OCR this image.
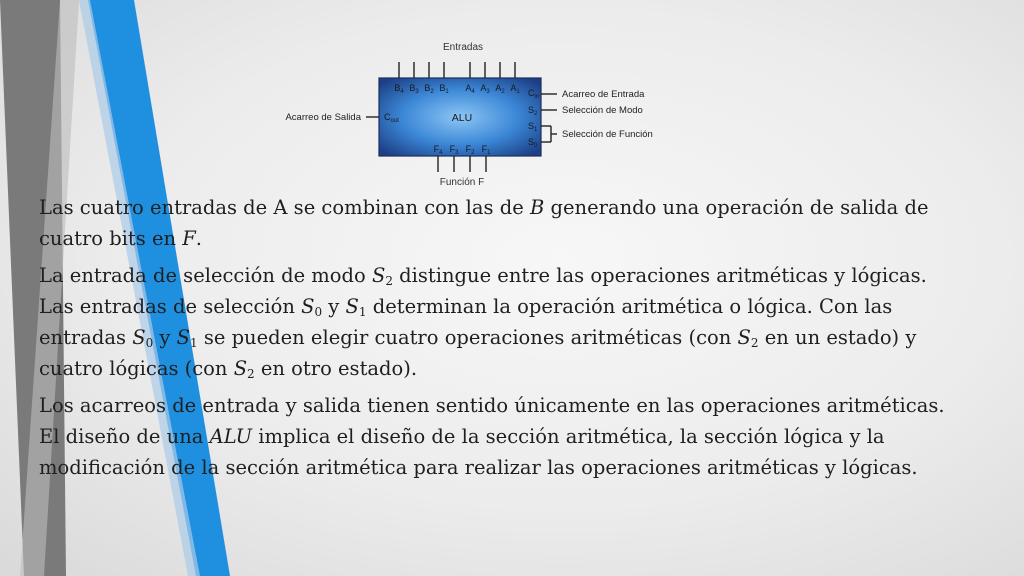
Entradas
ALU
$B_4$ $B_3$ $B_2$ $B_1$ $A_4$ $A_3$ $A_2$ $A_1$ $C_{in}$
$S_2$
$S_1$
$S_0$
$C_{out}$
$F_4$ $F_3$ $F_2$ $F_1$
Acarreo de Salida
Acarreo de Entrada
Selección de Modo
Selección de Función
Función F

Las cuatro entradas de A se combinan con las de B generando una operación de salida de cuatro bits en F.

La entrada de selección de modo $S_2$ distingue entre las operaciones aritméticas y lógicas. Las entradas de selección $S_0$ y $S_1$ determinan la operación aritmética o lógica. Con las entradas $S_0$ y $S_1$ se pueden elegir cuatro operaciones aritméticas (con $S_2$ en un estado) y cuatro lógicas (con $S_2$ en otro estado).

Los acarreos de entrada y salida tienen sentido únicamente en las operaciones aritméticas. El diseño de una ALU implica el diseño de la sección aritmética, la sección lógica y la modificación de la sección aritmética para realizar las operaciones aritméticas y lógicas.
